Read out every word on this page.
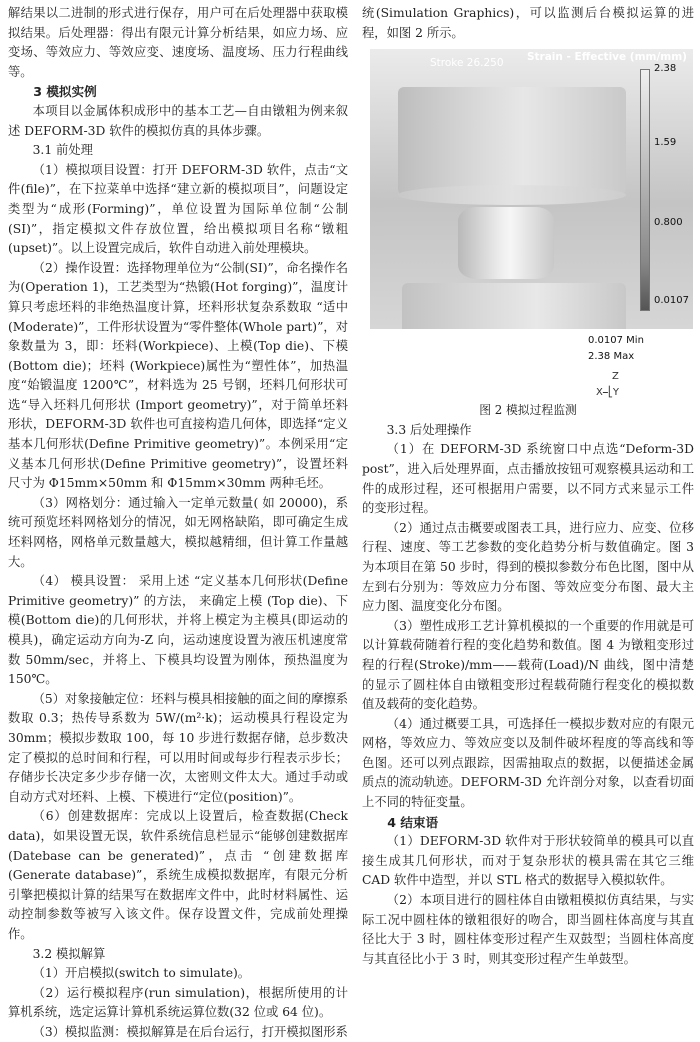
解结果以二进制的形式进行保存，用户可在后处理器中获取模拟结果。后处理器：得出有限元计算分析结果，如应力场、应变场、等效应力、等效应变、速度场、温度场、压力行程曲线等。

3 模拟实例

本项目以金属体积成形中的基本工艺—自由镦粗为例来叙述 DEFORM-3D 软件的模拟仿真的具体步骤。

3.1 前处理

（1）模拟项目设置：打开 DEFORM-3D 软件，点击“文件(file)”，在下拉菜单中选择“建立新的模拟项目”，问题设定类型为“成形(Forming)”，单位设置为国际单位制“公制(SI)”，指定模拟文件存放位置，给出模拟项目名称“镦粗(upset)”。以上设置完成后，软件自动进入前处理模块。

（2）操作设置：选择物理单位为“公制(SI)”，命名操作名为(Operation 1)，工艺类型为“热锻(Hot forging)”，温度计算只考虑坯料的非绝热温度计算，坯料形状复杂系数取 “适中(Moderate)”，工件形状设置为“零件整体(Whole part)”，对象数量为 3，即：坯料(Workpiece)、上模(Top die)、下模(Bottom die)；坯料 (Workpiece)属性为“塑性体”，加热温度“始锻温度 1200℃”，材料选为 25 号钢，坯料几何形状可选“导入坯料几何形状 (Import geometry)”，对于简单坯料形状，DEFORM-3D 软件也可直接构造几何体，即选择“定义基本几何形状(Define Primitive geometry)”。本例采用“定义基本几何形状(Define Primitive geometry)”，设置坯料尺寸为 Φ15mm×50mm 和 Φ15mm×30mm 两种毛坯。

（3）网格划分：通过输入一定单元数量( 如 20000)，系统可预览坯料网格划分的情况，如无网格缺陷，即可确定生成坯料网格，网格单元数量越大，模拟越精细，但计算工作量越大。

（4） 模具设置： 采用上述 “定义基本几何形状(Define Primitive geometry)” 的方法， 来确定上模 (Top die)、下模(Bottom die)的几何形状，并将上模定为主模具(即运动的模具)，确定运动方向为-Z 向，运动速度设置为液压机速度常数 50mm/sec，并将上、下模具均设置为刚体，预热温度为 150℃。

（5）对象接触定位：坯料与模具相接触的面之间的摩擦系数取 0.3；热传导系数为 5W/(m²·k)；运动模具行程设定为 30mm；模拟步数取 100，每 10 步进行数据存储，总步数决定了模拟的总时间和行程，可以用时间或每步行程表示步长；存储步长决定多少步存储一次，太密则文件太大。通过手动或自动方式对坯料、上模、下模进行“定位(position)”。

（6）创建数据库：完成以上设置后，检查数据(Check data)，如果设置无误，软件系统信息栏显示“能够创建数据库 (Datebase can be generated)”，点击 “创建数据库(Generate database)”，系统生成模拟数据库，有限元分析引擎把模拟计算的结果写在数据库文件中，此时材料属性、运动控制参数等被写入该文件。保存设置文件，完成前处理操作。

3.2 模拟解算

（1）开启模拟(switch to simulate)。

（2）运行模拟程序(run simulation)，根据所使用的计算机系统，选定运算计算机系统运算位数(32 位或 64 位)。

（3）模拟监测：模拟解算是在后台运行，打开模拟图形系

统(Simulation Graphics)，可以监测后台模拟运算的进程，如图 2 所示。

Stroke 26.250 Strain - Effective (mm/mm)
2.38
1.59
0.800
0.0107
0.0107 Min
2.38 Max
Z
X⎯⎣Y
图 2 模拟过程监测
3.3 后处理操作

（1）在 DEFORM-3D 系统窗口中点选“Deform-3D post”，进入后处理界面，点击播放按钮可观察模具运动和工件的成形过程，还可根据用户需要，以不同方式来显示工件的变形过程。

（2）通过点击概要或图表工具，进行应力、应变、位移行程、速度、等工艺参数的变化趋势分析与数值确定。图 3 为本项目在第 50 步时，得到的模拟参数分布色比图，图中从左到右分别为：等效应力分布图、等效应变分布图、最大主应力图、温度变化分布图。

（3）塑性成形工艺计算机模拟的一个重要的作用就是可以计算载荷随着行程的变化趋势和数值。图 4 为镦粗变形过程的行程(Stroke)/mm——载荷(Load)/N 曲线，图中清楚的显示了圆柱体自由镦粗变形过程载荷随行程变化的模拟数值及载荷的变化趋势。

（4）通过概要工具，可选择任一模拟步数对应的有限元网格，等效应力、等效应变以及制件破坏程度的等高线和等色图。还可以列点跟踪，因需抽取点的数据，以便描述金属质点的流动轨迹。DEFORM-3D 允许剖分对象，以查看切面上不同的特征变量。

4 结束语

（1）DEFORM-3D 软件对于形状较简单的模具可以直接生成其几何形状，而对于复杂形状的模具需在其它三维CAD 软件中造型，并以 STL 格式的数据导入模拟软件。

（2）本项目进行的圆柱体自由镦粗模拟仿真结果，与实际工况中圆柱体的镦粗很好的吻合，即当圆柱体高度与其直径比大于 3 时，圆柱体变形过程产生双鼓型；当圆柱体高度与其直径比小于 3 时，则其变形过程产生单鼓型。
